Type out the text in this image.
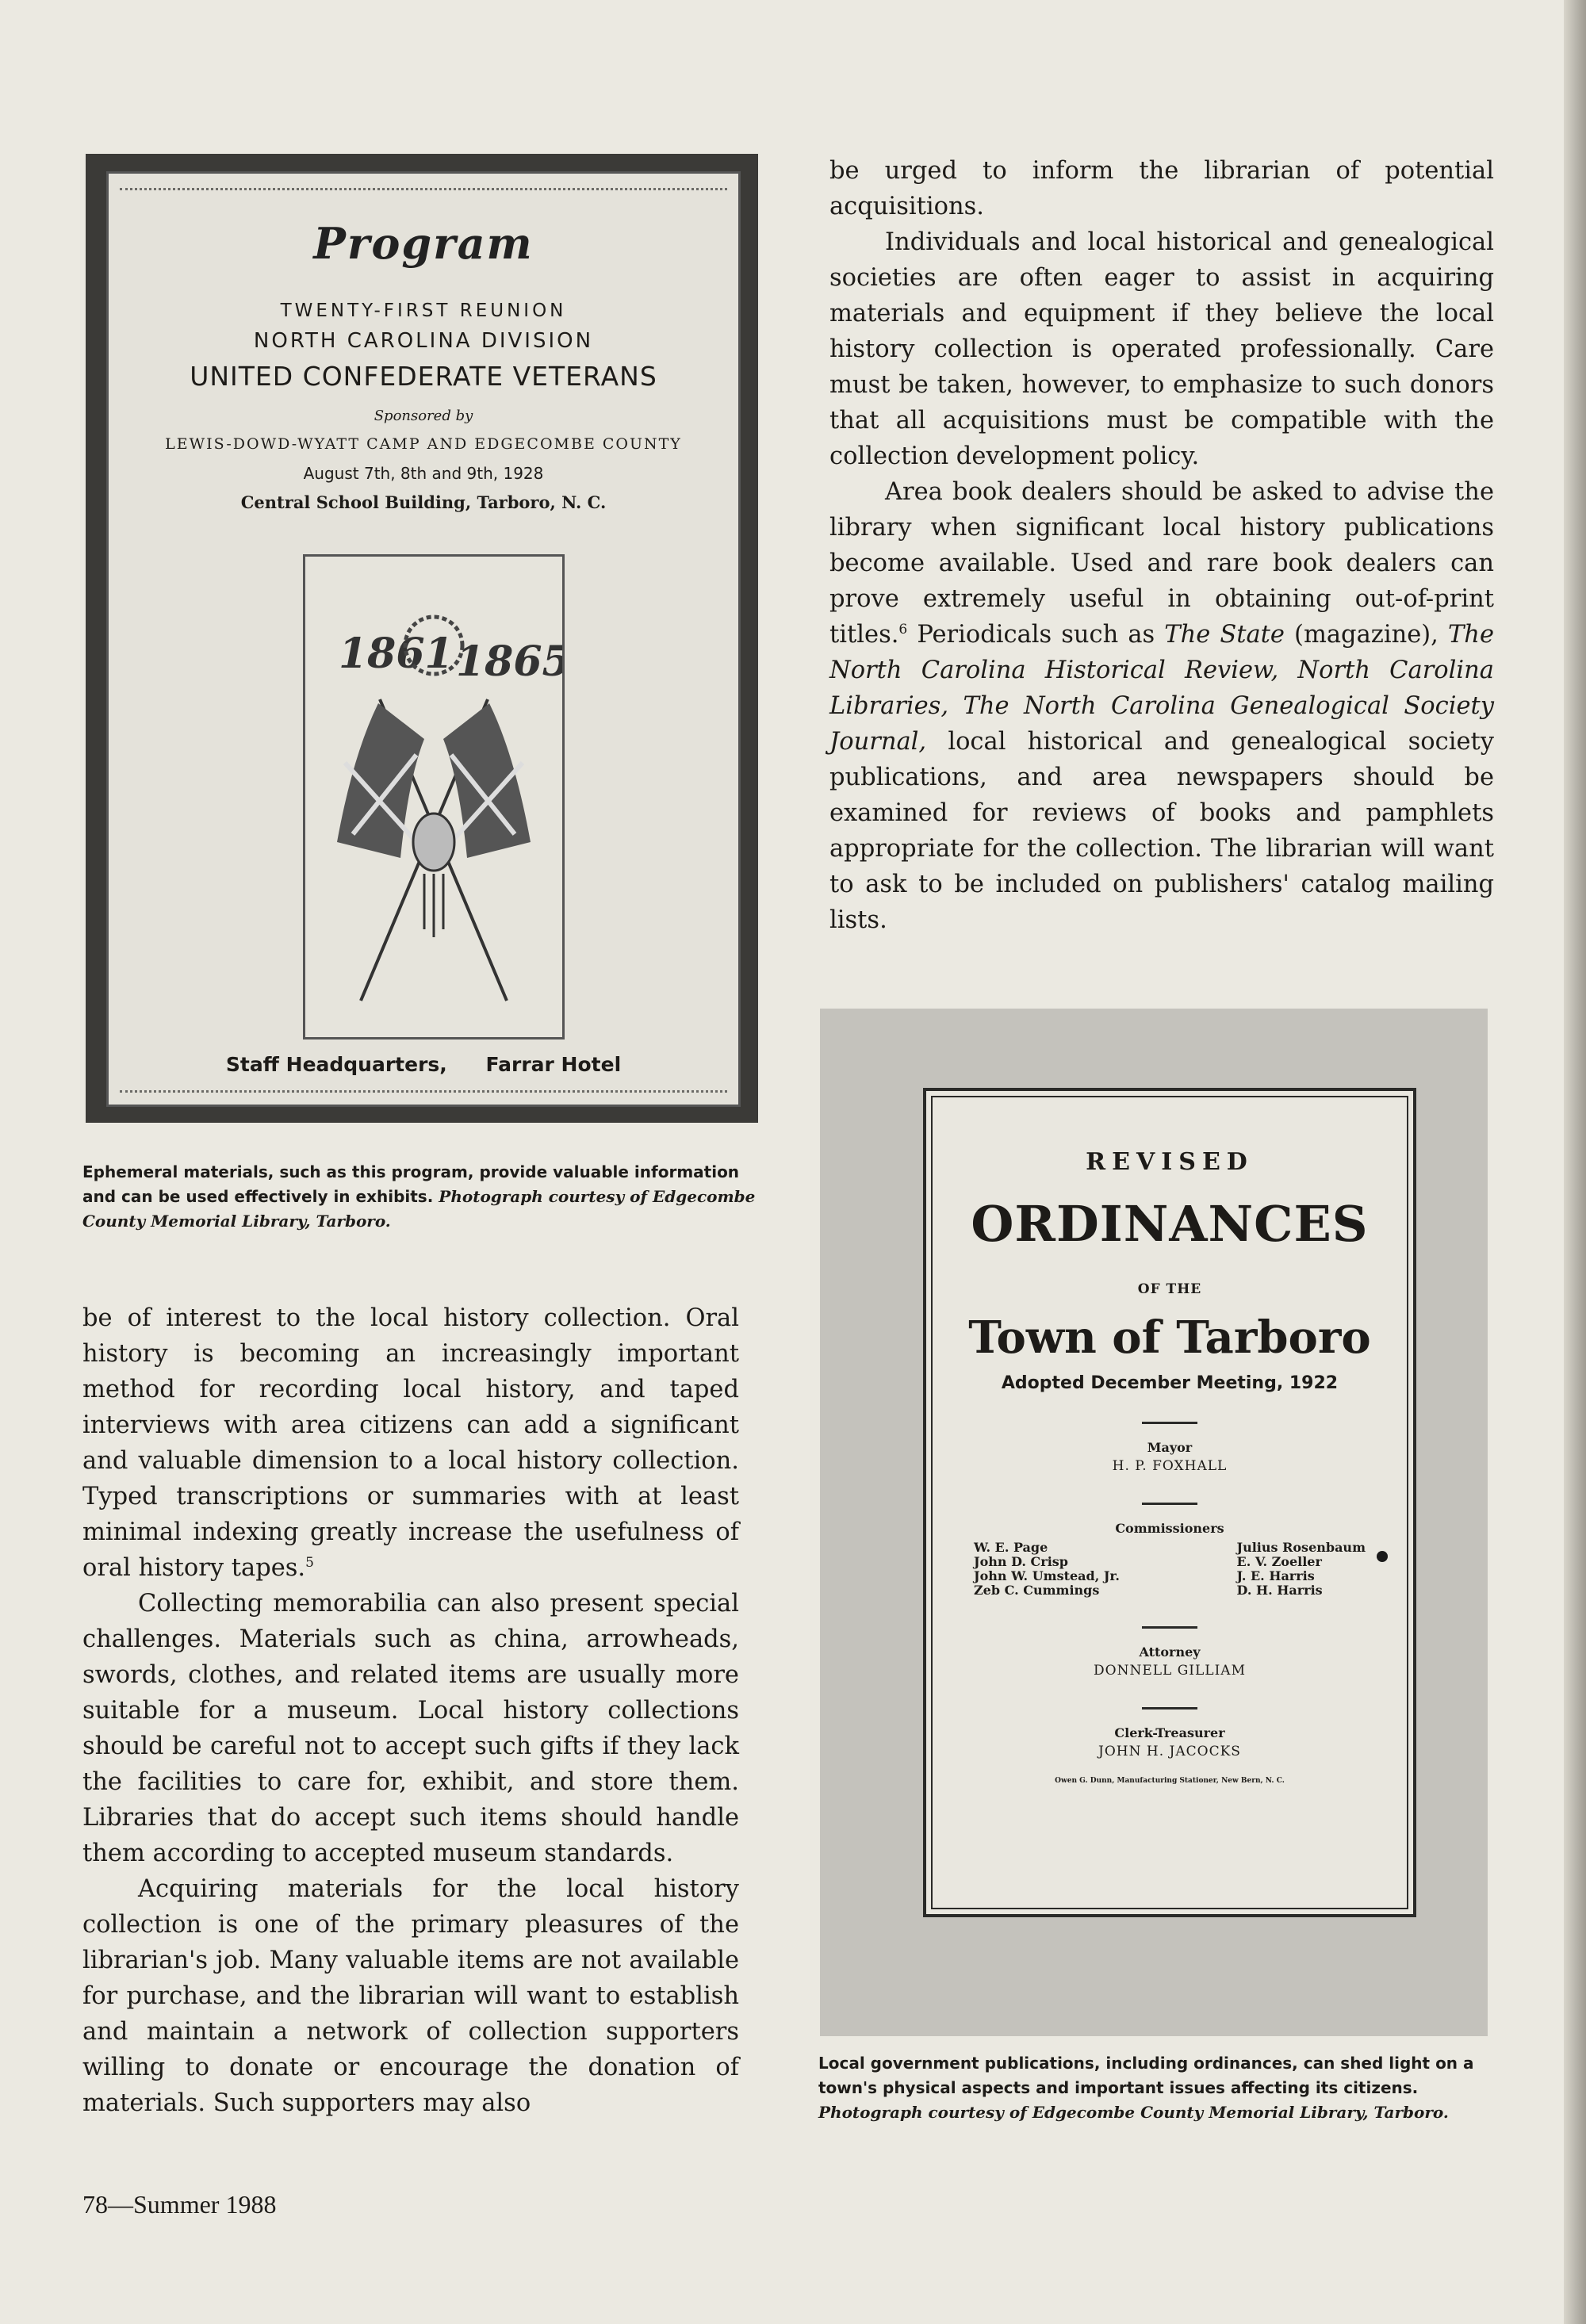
Program
TWENTY-FIRST REUNION
NORTH CAROLINA DIVISION
UNITED CONFEDERATE VETERANS
Sponsored by
LEWIS-DOWD-WYATT CAMP AND EDGECOMBE COUNTY
August 7th, 8th and 9th, 1928
Central School Building, Tarboro, N. C.
1861 1865
Staff Headquarters, Farrar Hotel
Ephemeral materials, such as this program, provide valuable information and can be used effectively in exhibits. Photograph courtesy of Edgecombe County Memorial Library, Tarboro.

be of interest to the local history collection. Oral history is becoming an increasingly important method for recording local history, and taped interviews with area citizens can add a significant and valuable dimension to a local history collection. Typed transcriptions or summaries with at least minimal indexing greatly increase the usefulness of oral history tapes.$^5$

Collecting memorabilia can also present special challenges. Materials such as china, arrowheads, swords, clothes, and related items are usually more suitable for a museum. Local history collections should be careful not to accept such gifts if they lack the facilities to care for, exhibit, and store them. Libraries that do accept such items should handle them according to accepted museum standards.

Acquiring materials for the local history collection is one of the primary pleasures of the librarian's job. Many valuable items are not available for purchase, and the librarian will want to establish and maintain a network of collection supporters willing to donate or encourage the donation of materials. Such supporters may also

be urged to inform the librarian of potential acquisitions.

Individuals and local historical and genealogical societies are often eager to assist in acquiring materials and equipment if they believe the local history collection is operated professionally. Care must be taken, however, to emphasize to such donors that all acquisitions must be compatible with the collection development policy.

Area book dealers should be asked to advise the library when significant local history publications become available. Used and rare book dealers can prove extremely useful in obtaining out-of-print titles.$^6$ Periodicals such as The State (magazine), The North Carolina Historical Review, North Carolina Libraries, The North Carolina Genealogical Society Journal, local historical and genealogical society publications, and area newspapers should be examined for reviews of books and pamphlets appropriate for the collection. The librarian will want to ask to be included on publishers' catalog mailing lists.

REVISED
ORDINANCES
OF THE
Town of Tarboro
Adopted December Meeting, 1922
Mayor
H. P. FOXHALL
Commissioners
W. E. Page
John D. Crisp
John W. Umstead, Jr.
Zeb C. Cummings
Julius Rosenbaum
E. V. Zoeller
J. E. Harris
D. H. Harris
Attorney
DONNELL GILLIAM
Clerk-Treasurer
JOHN H. JACOCKS
Owen G. Dunn, Manufacturing Stationer, New Bern, N. C.
Local government publications, including ordinances, can shed light on a town's physical aspects and important issues affecting its citizens. Photograph courtesy of Edgecombe County Memorial Library, Tarboro.
78—Summer 1988
